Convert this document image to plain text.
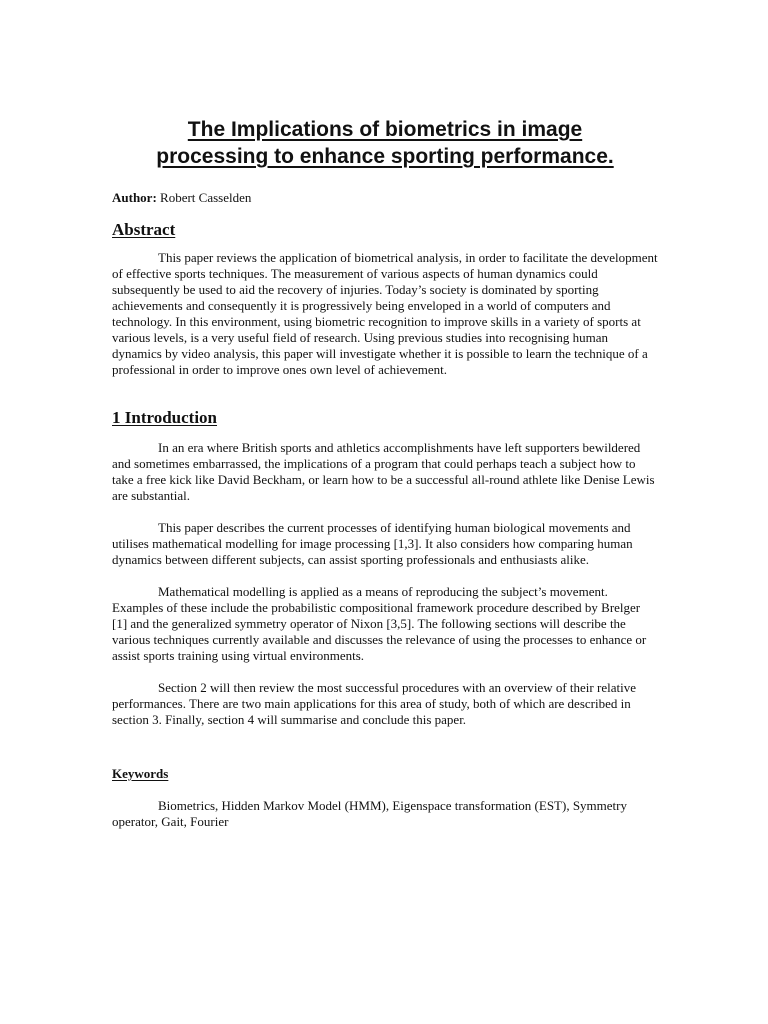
The Implications of biometrics in image
processing to enhance sporting performance.
Author: Robert Casselden
Abstract

This paper reviews the application of biometrical analysis, in order to facilitate the development of effective sports techniques. The measurement of various aspects of human dynamics could subsequently be used to aid the recovery of injuries. Today’s society is dominated by sporting achievements and consequently it is progressively being enveloped in a world of computers and technology. In this environment, using biometric recognition to improve skills in a variety of sports at various levels, is a very useful field of research. Using previous studies into recognising human dynamics by video analysis, this paper will investigate whether it is possible to learn the technique of a professional in order to improve ones own level of achievement.

1 Introduction

In an era where British sports and athletics accomplishments have left supporters bewildered and sometimes embarrassed, the implications of a program that could perhaps teach a subject how to take a free kick like David Beckham, or learn how to be a successful all-round athlete like Denise Lewis are substantial.

This paper describes the current processes of identifying human biological movements and utilises mathematical modelling for image processing [1,3]. It also considers how comparing human dynamics between different subjects, can assist sporting professionals and enthusiasts alike.

Mathematical modelling is applied as a means of reproducing the subject’s movement. Examples of these include the probabilistic compositional framework procedure described by Brelger [1] and the generalized symmetry operator of Nixon [3,5]. The following sections will describe the various techniques currently available and discusses the relevance of using the processes to enhance or assist sports training using virtual environments.

Section 2 will then review the most successful procedures with an overview of their relative performances. There are two main applications for this area of study, both of which are described in section 3. Finally, section 4 will summarise and conclude this paper.

Keywords

Biometrics, Hidden Markov Model (HMM), Eigenspace transformation (EST), Symmetry operator, Gait, Fourier
